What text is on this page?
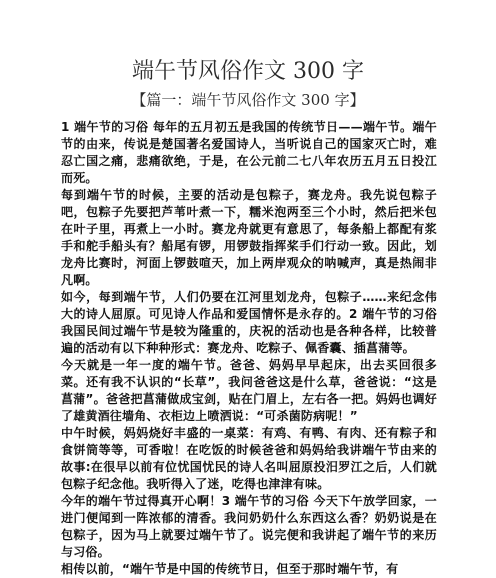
端午节风俗作文 300 字
【篇一：端午节风俗作文 300 字】

1 端午节的习俗 每年的五月初五是我国的传统节日——端午节。端午节的由来，传说是楚国著名爱国诗人，当听说自己的国家灭亡时，难忍亡国之痛，悲痛欲绝，于是，在公元前二七八年农历五月五日投江而死。

每到端午节的时候，主要的活动是包粽子，赛龙舟。我先说包粽子吧，包粽子先要把芦苇叶煮一下，糯米泡两至三个小时，然后把米包在叶子里，再煮上一小时。赛龙舟就更有意思了，每条船上都配有浆手和舵手船头有？船尾有锣，用锣鼓指挥桨手们行动一致。因此，划龙舟比赛时，河面上锣鼓喧天，加上两岸观众的呐喊声，真是热闹非凡啊。

如今，每到端午节，人们仍要在江河里划龙舟，包粽子……来纪念伟大的诗人屈原。可见诗人作品和爱国情怀是永存的。2 端午节的习俗 我国民间过端午节是较为隆重的，庆祝的活动也是各种各样，比较普遍的活动有以下种种形式：赛龙舟、吃粽子、佩香囊、插菖蒲等。

今天就是一年一度的端午节。爸爸、妈妈早早起床，出去买回很多菜。还有我不认识的“长草”，我问爸爸这是什么草，爸爸说：“这是菖蒲”。爸爸把菖蒲做成宝剑，贴在门眉上，左右各一把。妈妈也调好了雄黄酒往墙角、衣柜边上喷洒说：“可杀菌防病呢！”

中午时候，妈妈烧好丰盛的一桌菜：有鸡、有鸭、有肉、还有粽子和食饼筒等等，可香啦！在吃饭的时候爸爸和妈妈给我讲端午节由来的故事:在很早以前有位忧国忧民的诗人名叫屈原投汨罗江之后，人们就包粽子纪念他。我听得入了迷，吃得也津津有味。

今年的端午节过得真开心啊！3 端午节的习俗 今天下午放学回家，一进门便闻到一阵浓郁的清香。我问奶奶什么东西这么香？奶奶说是在包粽子，因为马上就要过端午节了。说完便和我讲起了端午节的来历与习俗。

相传以前，“端午节是中国的传统节日，但至于那时端午节，有
